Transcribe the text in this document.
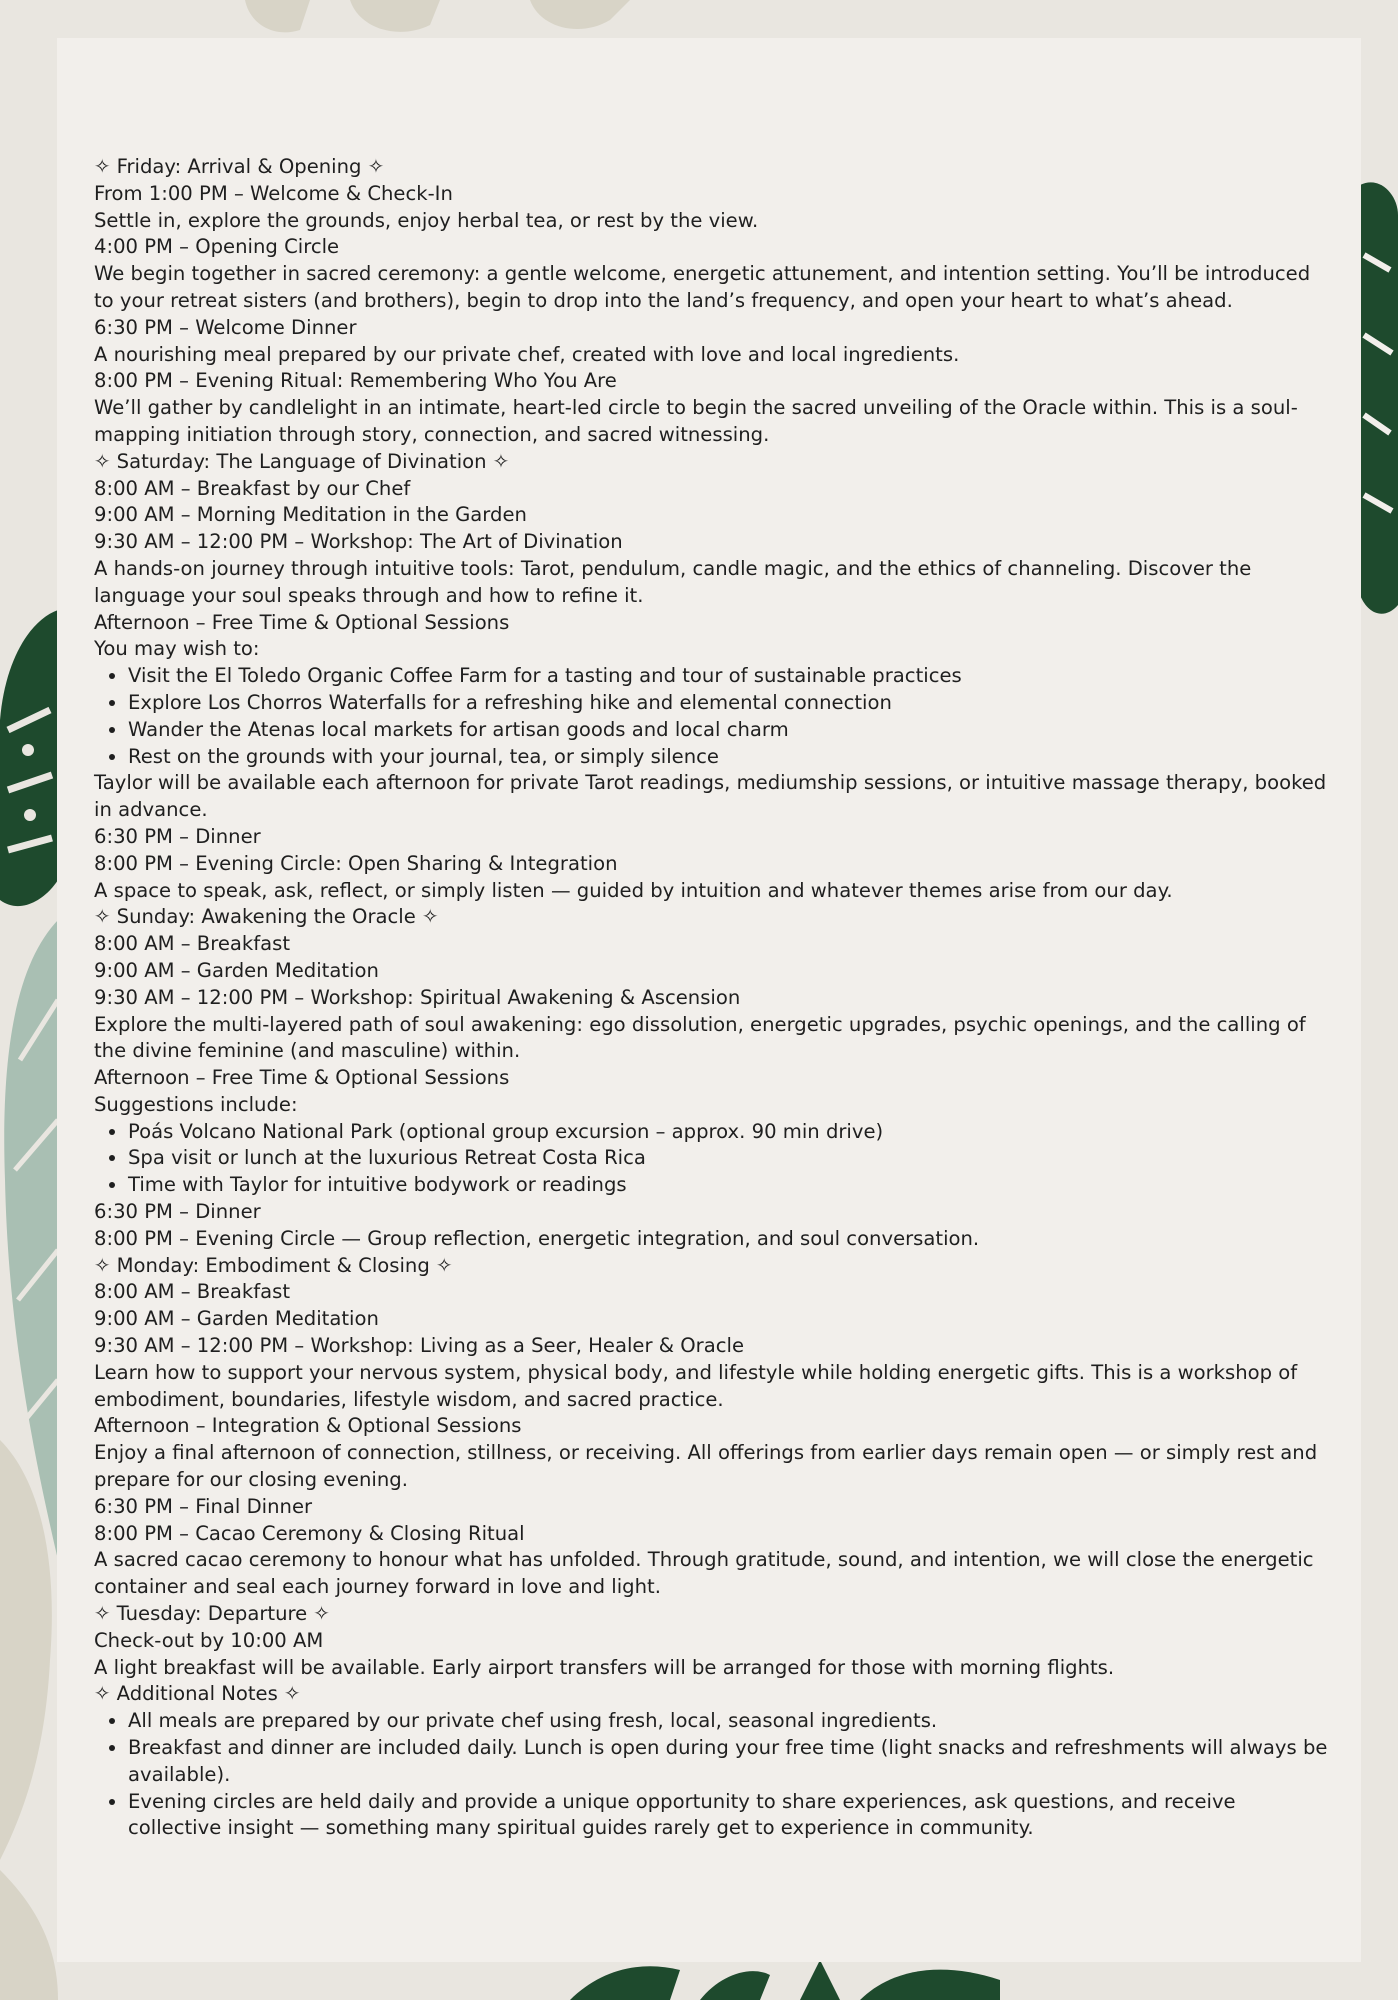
✧ Friday: Arrival & Opening ✧

From 1:00 PM – Welcome & Check-In

Settle in, explore the grounds, enjoy herbal tea, or rest by the view.

4:00 PM – Opening Circle

We begin together in sacred ceremony: a gentle welcome, energetic attunement, and intention setting. You’ll be introduced to your retreat sisters (and brothers), begin to drop into the land’s frequency, and open your heart to what’s ahead.

6:30 PM – Welcome Dinner

A nourishing meal prepared by our private chef, created with love and local ingredients.

8:00 PM – Evening Ritual: Remembering Who You Are

We’ll gather by candlelight in an intimate, heart-led circle to begin the sacred unveiling of the Oracle within. This is a soul-mapping initiation through story, connection, and sacred witnessing.

✧ Saturday: The Language of Divination ✧

8:00 AM – Breakfast by our Chef

9:00 AM – Morning Meditation in the Garden

9:30 AM – 12:00 PM – Workshop: The Art of Divination

A hands-on journey through intuitive tools: Tarot, pendulum, candle magic, and the ethics of channeling. Discover the language your soul speaks through and how to refine it.

Afternoon – Free Time & Optional Sessions

You may wish to:

• Visit the El Toledo Organic Coffee Farm for a tasting and tour of sustainable practices
• Explore Los Chorros Waterfalls for a refreshing hike and elemental connection
• Wander the Atenas local markets for artisan goods and local charm
• Rest on the grounds with your journal, tea, or simply silence

Taylor will be available each afternoon for private Tarot readings, mediumship sessions, or intuitive massage therapy, booked in advance.

6:30 PM – Dinner

8:00 PM – Evening Circle: Open Sharing & Integration

A space to speak, ask, reflect, or simply listen — guided by intuition and whatever themes arise from our day.

✧ Sunday: Awakening the Oracle ✧

8:00 AM – Breakfast

9:00 AM – Garden Meditation

9:30 AM – 12:00 PM – Workshop: Spiritual Awakening & Ascension

Explore the multi-layered path of soul awakening: ego dissolution, energetic upgrades, psychic openings, and the calling of the divine feminine (and masculine) within.

Afternoon – Free Time & Optional Sessions

Suggestions include:

• Poás Volcano National Park (optional group excursion – approx. 90 min drive)
• Spa visit or lunch at the luxurious Retreat Costa Rica
• Time with Taylor for intuitive bodywork or readings

6:30 PM – Dinner

8:00 PM – Evening Circle — Group reflection, energetic integration, and soul conversation.

✧ Monday: Embodiment & Closing ✧

8:00 AM – Breakfast

9:00 AM – Garden Meditation

9:30 AM – 12:00 PM – Workshop: Living as a Seer, Healer & Oracle

Learn how to support your nervous system, physical body, and lifestyle while holding energetic gifts. This is a workshop of embodiment, boundaries, lifestyle wisdom, and sacred practice.

Afternoon – Integration & Optional Sessions

Enjoy a final afternoon of connection, stillness, or receiving. All offerings from earlier days remain open — or simply rest and prepare for our closing evening.

6:30 PM – Final Dinner

8:00 PM – Cacao Ceremony & Closing Ritual

A sacred cacao ceremony to honour what has unfolded. Through gratitude, sound, and intention, we will close the energetic container and seal each journey forward in love and light.

✧ Tuesday: Departure ✧

Check-out by 10:00 AM

A light breakfast will be available. Early airport transfers will be arranged for those with morning flights.

✧ Additional Notes ✧

• All meals are prepared by our private chef using fresh, local, seasonal ingredients.
• Breakfast and dinner are included daily. Lunch is open during your free time (light snacks and refreshments will always be available).
• Evening circles are held daily and provide a unique opportunity to share experiences, ask questions, and receive collective insight — something many spiritual guides rarely get to experience in community.
